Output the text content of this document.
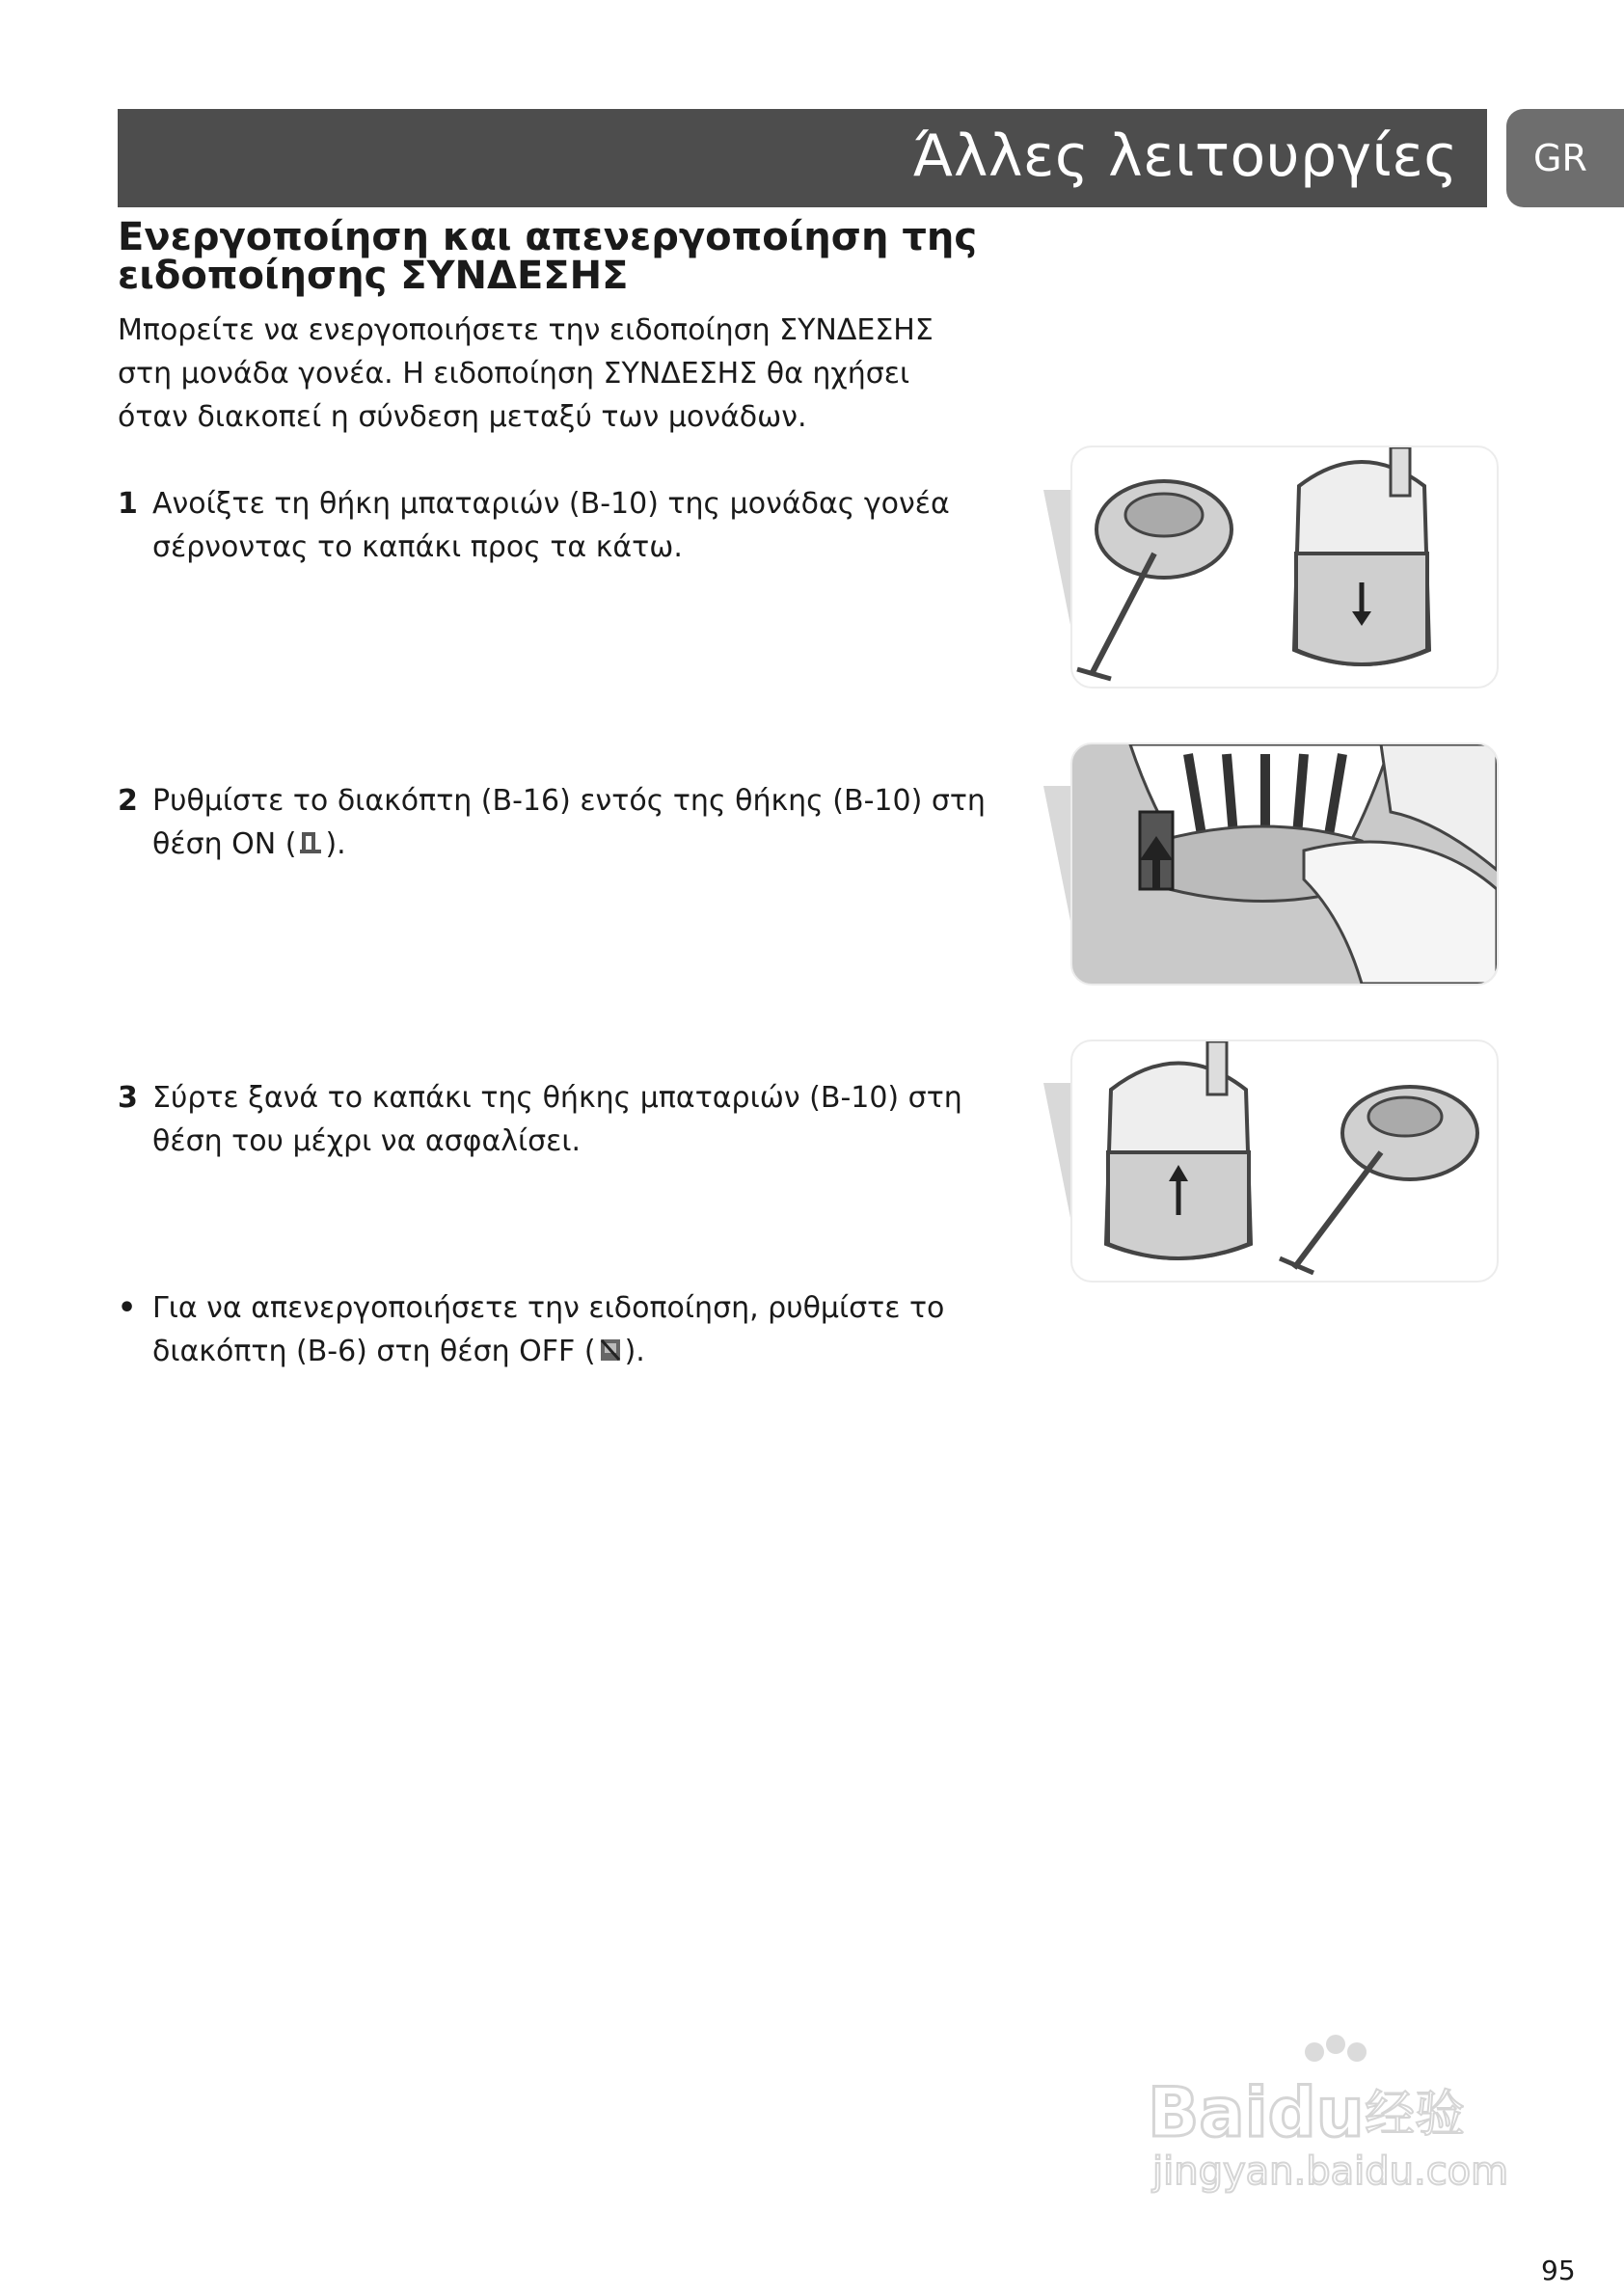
Άλλες λειτουργίες	GR
Ενεργοποίηση και απενεργοποίηση της
ειδοποίησης ΣΥΝΔΕΣΗΣ

Μπορείτε να ενεργοποιήσετε την ειδοποίηση ΣΥΝΔΕΣΗΣ
στη μονάδα γονέα. Η ειδοποίηση ΣΥΝΔΕΣΗΣ θα ηχήσει
όταν διακοπεί η σύνδεση μεταξύ των μονάδων.

1 Ανοίξτε τη θήκη μπαταριών (B-10) της μονάδας γονέα
σέρνοντας το καπάκι προς τα κάτω.
2 Ρυθμίστε το διακόπτη (B-16) εντός της θήκης (B-10) στη
θέση ON ( ).
3 Σύρτε ξανά το καπάκι της θήκης μπαταριών (B-10) στη
θέση του μέχρι να ασφαλίσει.
• Για να απενεργοποιήσετε την ειδοποίηση, ρυθμίστε το
διακόπτη (B-6) στη θέση OFF ( ).
Baidu 经验
jingyan.baidu.com
95
